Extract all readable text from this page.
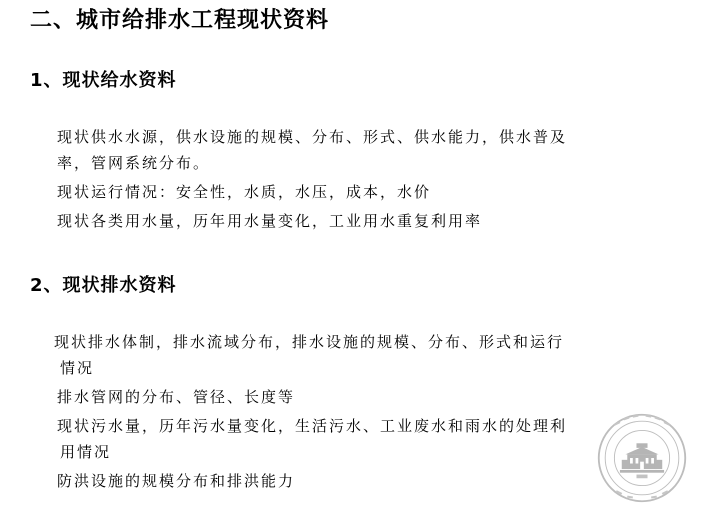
二、城市给排水工程现状资料
1、现状给水资料
现状供水水源，供水设施的规模、分布、形式、供水能力，供水普及
率，管网系统分布。
现状运行情况：安全性，水质，水压，成本，水价
现状各类用水量，历年用水量变化，工业用水重复利用率
2、现状排水资料
现状排水体制，排水流域分布，排水设施的规模、分布、形式和运行
情况
排水管网的分布、管径、长度等
现状污水量，历年污水量变化，生活污水、工业废水和雨水的处理利
用情况
防洪设施的规模分布和排洪能力
